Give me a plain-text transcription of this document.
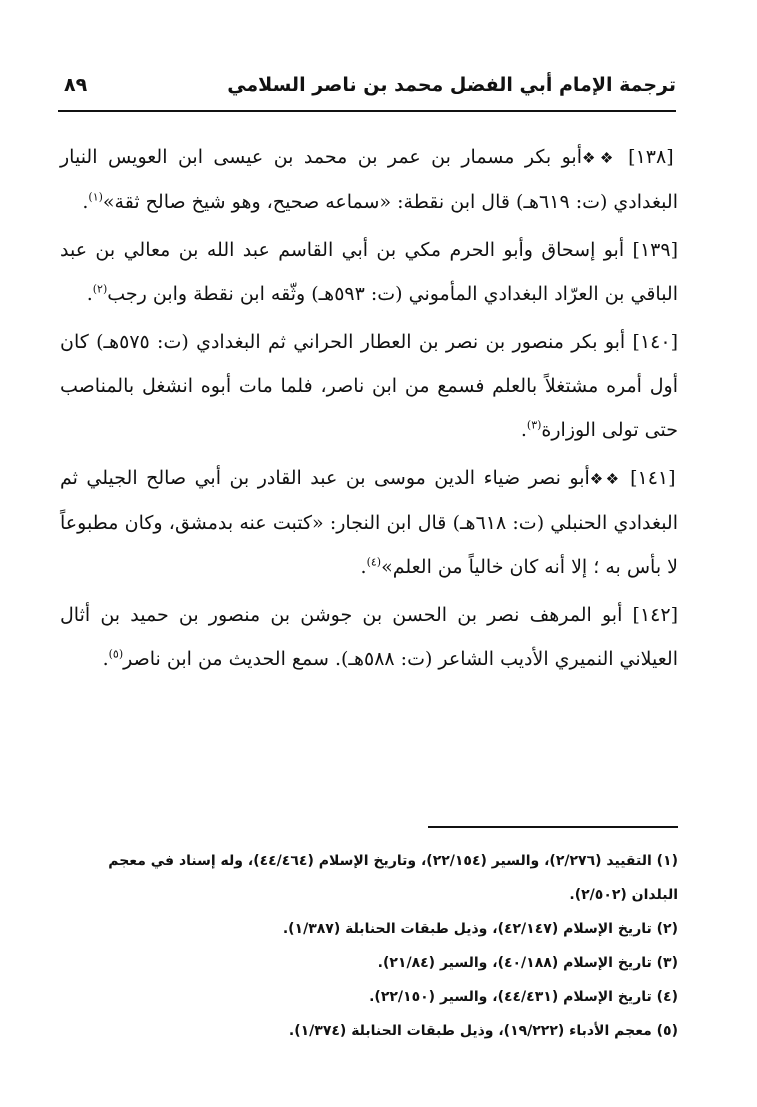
ترجمة الإمام أبي الفضل محمد بن ناصر السلامي
٨٩

[١٣٨] ❖❖أبو بكر مسمار بن عمر بن محمد بن عيسى ابن العويس النيار البغدادي (ت: ٦١٩هـ) قال ابن نقطة: «سماعه صحيح، وهو شيخ صالح ثقة»$^{(١)}$.

[١٣٩] أبو إسحاق وأبو الحرم مكي بن أبي القاسم عبد الله بن معالي بن عبد الباقي بن العرّاد البغدادي المأموني (ت: ٥٩٣هـ) وثّقه ابن نقطة وابن رجب$^{(٢)}$.

[١٤٠] أبو بكر منصور بن نصر بن العطار الحراني ثم البغدادي (ت: ٥٧٥هـ) كان أول أمره مشتغلاً بالعلم فسمع من ابن ناصر، فلما مات أبوه انشغل بالمناصب حتى تولى الوزارة$^{(٣)}$.

[١٤١] ❖❖أبو نصر ضياء الدين موسى بن عبد القادر بن أبي صالح الجيلي ثم البغدادي الحنبلي (ت: ٦١٨هـ) قال ابن النجار: «كتبت عنه بدمشق، وكان مطبوعاً لا بأس به ؛ إلا أنه كان خالياً من العلم»$^{(٤)}$.

[١٤٢] أبو المرهف نصر بن الحسن بن جوشن بن منصور بن حميد بن أثال العيلاني النميري الأديب الشاعر (ت: ٥٨٨هـ). سمع الحديث من ابن ناصر$^{(٥)}$.

(١) التقييد (٢/٢٧٦)، والسير (٢٢/١٥٤)، وتاريخ الإسلام (٤٤/٤٦٤)، وله إسناد في معجم البلدان (٢/٥٠٢).

(٢) تاريخ الإسلام (٤٢/١٤٧)، وذيل طبقات الحنابلة (١/٣٨٧).

(٣) تاريخ الإسلام (٤٠/١٨٨)، والسير (٢١/٨٤).

(٤) تاريخ الإسلام (٤٤/٤٣١)، والسير (٢٢/١٥٠).

(٥) معجم الأدباء (١٩/٢٢٢)، وذيل طبقات الحنابلة (١/٣٧٤).
